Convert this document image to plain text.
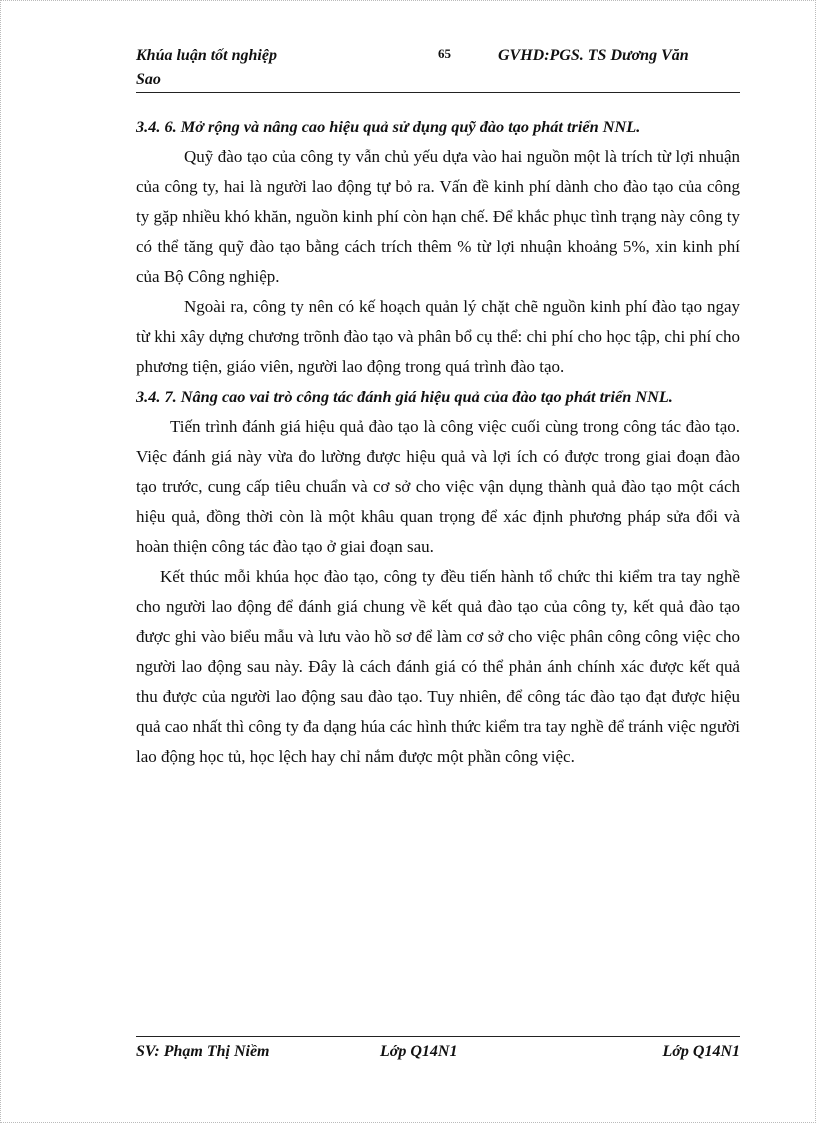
Khúa luận tốt nghiệp
Sao
65	GVHD:PGS. TS Dương Văn

3.4. 6. Mở rộng và nâng cao hiệu quả sử dụng quỹ đào tạo phát triển NNL.

Quỹ đào tạo của công ty vẫn chủ yếu dựa vào hai nguồn một là trích từ lợi nhuận của công ty, hai là người lao động tự bỏ ra. Vấn đề kinh phí dành cho đào tạo của công ty gặp nhiều khó khăn, nguồn kinh phí còn hạn chế. Để khắc phục tình trạng này công ty có thể tăng quỹ đào tạo bằng cách trích thêm % từ lợi nhuận khoảng 5%, xin kinh phí của Bộ Công nghiệp.

Ngoài ra, công ty nên có kế hoạch quản lý chặt chẽ nguồn kinh phí đào tạo ngay từ khi xây dựng chương trõnh đào tạo và phân bổ cụ thể: chi phí cho học tập, chi phí cho phương tiện, giáo viên, người lao động trong quá trình đào tạo.

3.4. 7. Nâng cao vai trò công tác đánh giá hiệu quả của đào tạo phát triển NNL.

Tiến trình đánh giá hiệu quả đào tạo là công việc cuối cùng trong công tác đào tạo. Việc đánh giá này vừa đo lường được hiệu quả và lợi ích có được trong giai đoạn đào tạo trước, cung cấp tiêu chuẩn và cơ sở cho việc vận dụng thành quả đào tạo một cách hiệu quả, đồng thời còn là một khâu quan trọng để xác định phương pháp sửa đổi và hoàn thiện công tác đào tạo ở giai đoạn sau.

Kết thúc mỗi khúa học đào tạo, công ty đều tiến hành tổ chức thi kiểm tra tay nghề cho người lao động để đánh giá chung về kết quả đào tạo của công ty, kết quả đào tạo được ghi vào biểu mẫu và lưu vào hồ sơ để làm cơ sở cho việc phân công công việc cho người lao động sau này. Đây là cách đánh giá có thể phản ánh chính xác được kết quả thu được của người lao động sau đào tạo. Tuy nhiên, để công tác đào tạo đạt được hiệu quả cao nhất thì công ty đa dạng húa các hình thức kiểm tra tay nghề để tránh việc người lao động học tủ, học lệch hay chỉ nắm được một phần công việc.

SV: Phạm Thị Niềm	Lớp Q14N1	Lớp Q14N1
